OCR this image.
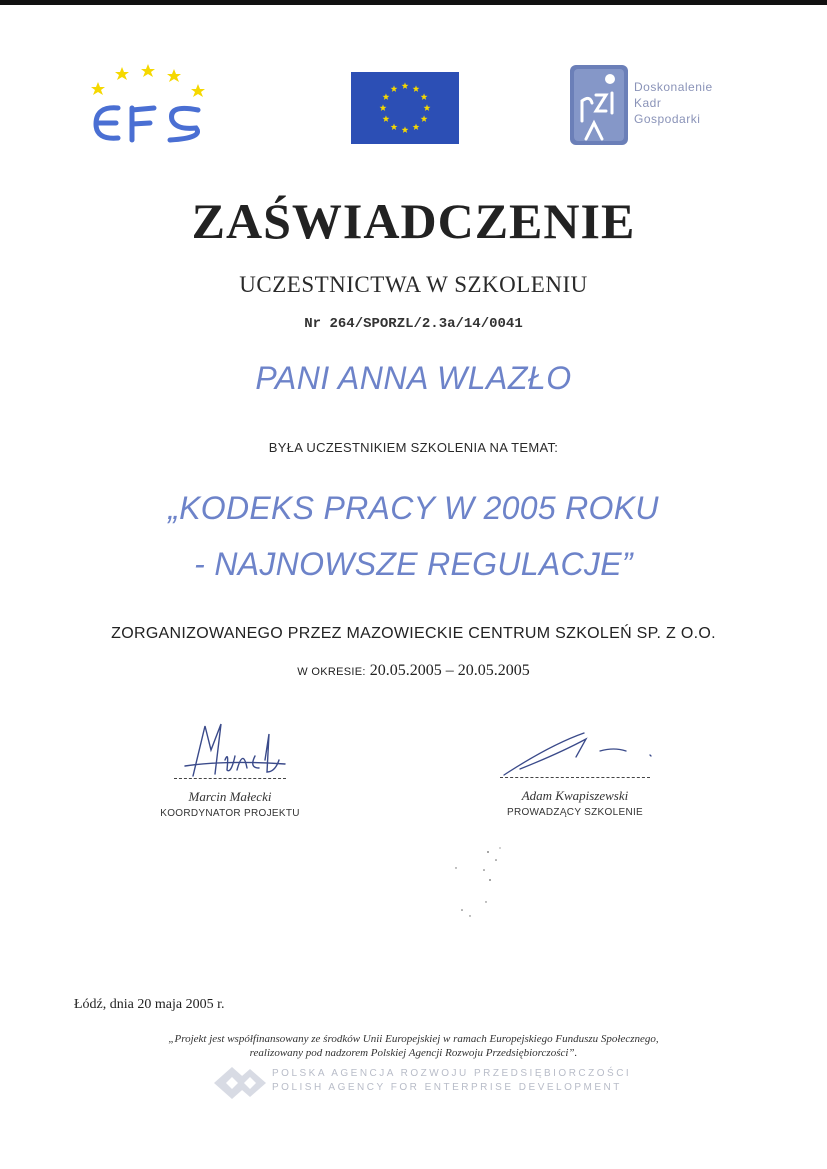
Doskonalenie
Kadr
Gospodarki
ZAŚWIADCZENIE
UCZESTNICTWA W SZKOLENIU
Nr 264/SPORZL/2.3a/14/0041
PANI ANNA WLAZŁO
BYŁA UCZESTNIKIEM SZKOLENIA NA TEMAT:
„KODEKS PRACY W 2005 ROKU
- NAJNOWSZE REGULACJE”
ZORGANIZOWANEGO PRZEZ MAZOWIECKIE CENTRUM SZKOLEŃ SP. Z O.O.
W OKRESIE: 20.05.2005 – 20.05.2005
Marcin Małecki
KOORDYNATOR PROJEKTU
Adam Kwapiszewski
PROWADZĄCY SZKOLENIE
Łódź, dnia 20 maja 2005 r.
„Projekt jest współfinansowany ze środków Unii Europejskiej w ramach Europejskiego Funduszu Społecznego,
realizowany pod nadzorem Polskiej Agencji Rozwoju Przedsiębiorczości”.
POLSKA AGENCJA ROZWOJU PRZEDSIĘBIORCZOŚCI
POLISH AGENCY FOR ENTERPRISE DEVELOPMENT
